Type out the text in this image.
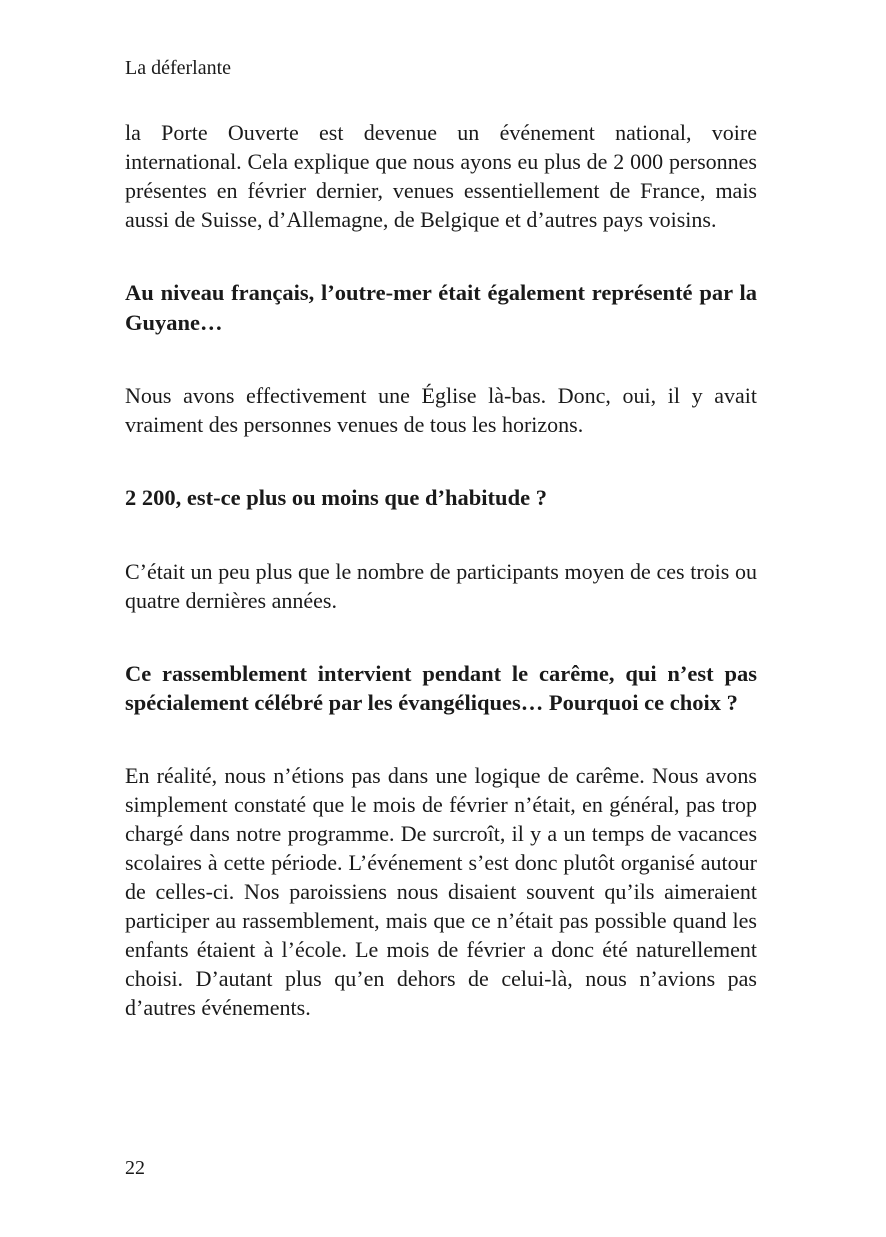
La déferlante

la Porte Ouverte est devenue un événement national, voire international. Cela explique que nous ayons eu plus de 2 000 personnes présentes en février dernier, venues essentiellement de France, mais aussi de Suisse, d’Allemagne, de Belgique et d’autres pays voisins.

Au niveau français, l’outre-mer était également représenté par la Guyane…

Nous avons effectivement une Église là-bas. Donc, oui, il y avait vraiment des personnes venues de tous les horizons.

2 200, est-ce plus ou moins que d’habitude ?

C’était un peu plus que le nombre de participants moyen de ces trois ou quatre dernières années.

Ce rassemblement intervient pendant le carême, qui n’est pas spécialement célébré par les évangéliques… Pourquoi ce choix ?

En réalité, nous n’étions pas dans une logique de carême. Nous avons simplement constaté que le mois de février n’était, en général, pas trop chargé dans notre programme. De surcroît, il y a un temps de vacances scolaires à cette période. L’événement s’est donc plutôt organisé autour de celles-ci. Nos paroissiens nous disaient souvent qu’ils aimeraient participer au rassemblement, mais que ce n’était pas possible quand les enfants étaient à l’école. Le mois de février a donc été naturellement choisi. D’autant plus qu’en dehors de celui-là, nous n’avions pas d’autres événements.

22
